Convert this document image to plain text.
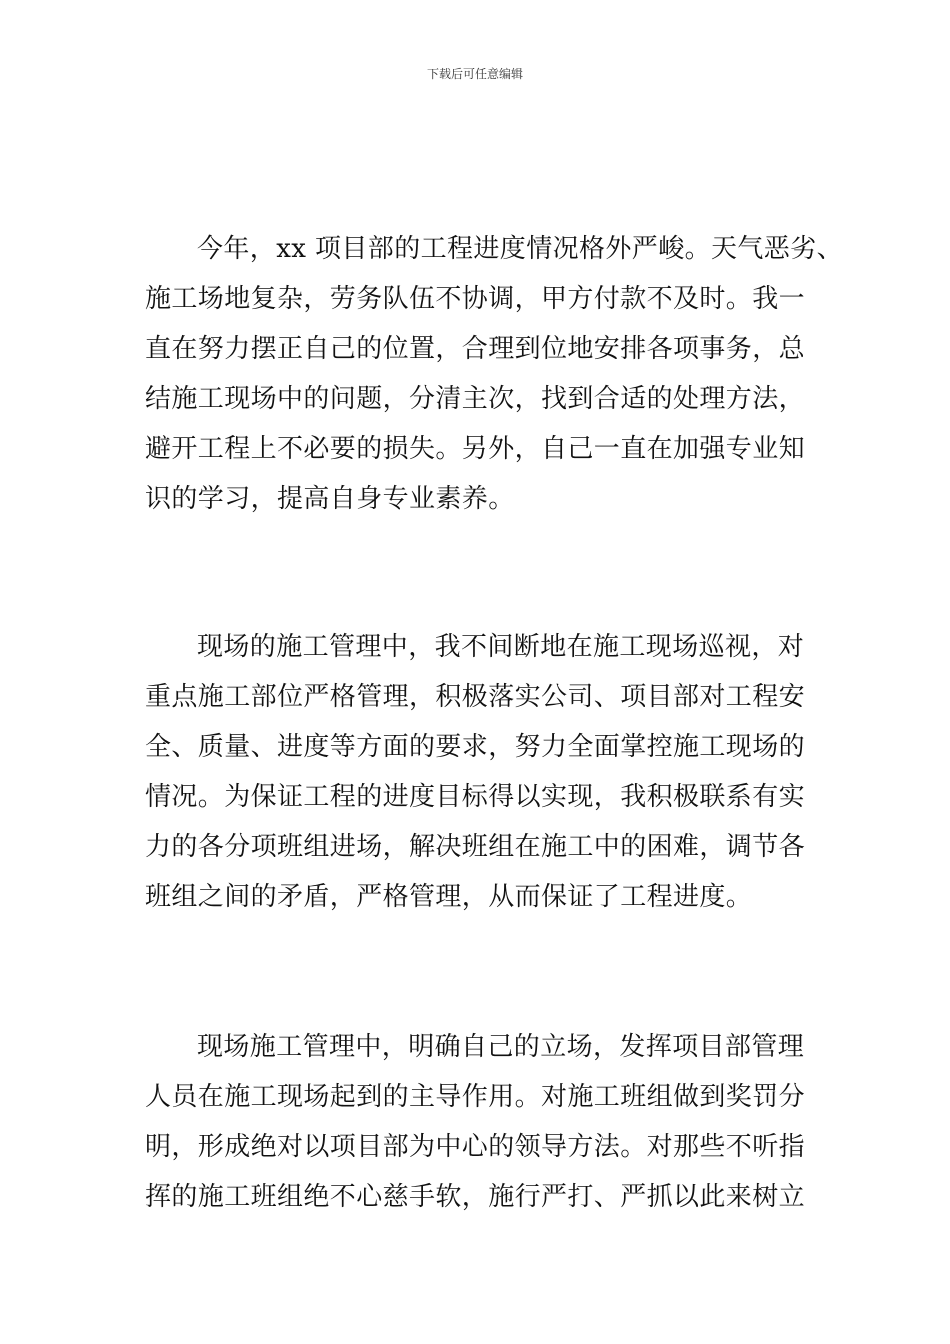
下载后可任意编辑
今年，xx 项目部的工程进度情况格外严峻。天气恶劣、
施工场地复杂，劳务队伍不协调，甲方付款不及时。我一
直在努力摆正自己的位置，合理到位地安排各项事务，总
结施工现场中的问题，分清主次，找到合适的处理方法，
避开工程上不必要的损失。另外，自己一直在加强专业知
识的学习，提高自身专业素养。
现场的施工管理中，我不间断地在施工现场巡视，对
重点施工部位严格管理，积极落实公司、项目部对工程安
全、质量、进度等方面的要求，努力全面掌控施工现场的
情况。为保证工程的进度目标得以实现，我积极联系有实
力的各分项班组进场，解决班组在施工中的困难，调节各
班组之间的矛盾，严格管理，从而保证了工程进度。
现场施工管理中，明确自己的立场，发挥项目部管理
人员在施工现场起到的主导作用。对施工班组做到奖罚分
明，形成绝对以项目部为中心的领导方法。对那些不听指
挥的施工班组绝不心慈手软，施行严打、严抓以此来树立
